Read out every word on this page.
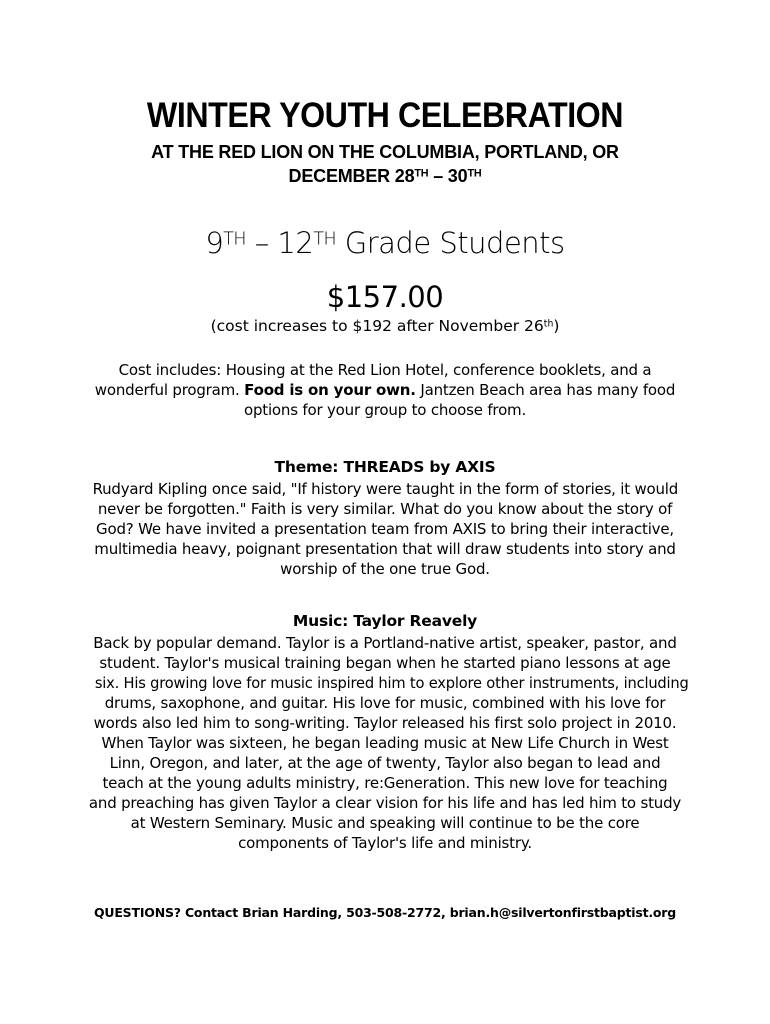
WINTER YOUTH CELEBRATION
AT THE RED LION ON THE COLUMBIA, PORTLAND, OR
DECEMBER 28TH – 30TH
9TH – 12TH Grade Students
$157.00
(cost increases to $192 after November 26th)
Cost includes: Housing at the Red Lion Hotel, conference booklets, and a
wonderful program. Food is on your own. Jantzen Beach area has many food
options for your group to choose from.
Theme: THREADS by AXIS
Rudyard Kipling once said, "If history were taught in the form of stories, it would
never be forgotten." Faith is very similar. What do you know about the story of
God? We have invited a presentation team from AXIS to bring their interactive,
multimedia heavy, poignant presentation that will draw students into story and
worship of the one true God.
Music: Taylor Reavely
Back by popular demand. Taylor is a Portland-native artist, speaker, pastor, and
student. Taylor's musical training began when he started piano lessons at age
six. His growing love for music inspired him to explore other instruments, including
drums, saxophone, and guitar. His love for music, combined with his love for
words also led him to song-writing. Taylor released his first solo project in 2010.
When Taylor was sixteen, he began leading music at New Life Church in West
Linn, Oregon, and later, at the age of twenty, Taylor also began to lead and
teach at the young adults ministry, re:Generation. This new love for teaching
and preaching has given Taylor a clear vision for his life and has led him to study
at Western Seminary. Music and speaking will continue to be the core
components of Taylor's life and ministry.
QUESTIONS? Contact Brian Harding, 503-508-2772, brian.h@silvertonfirstbaptist.org
